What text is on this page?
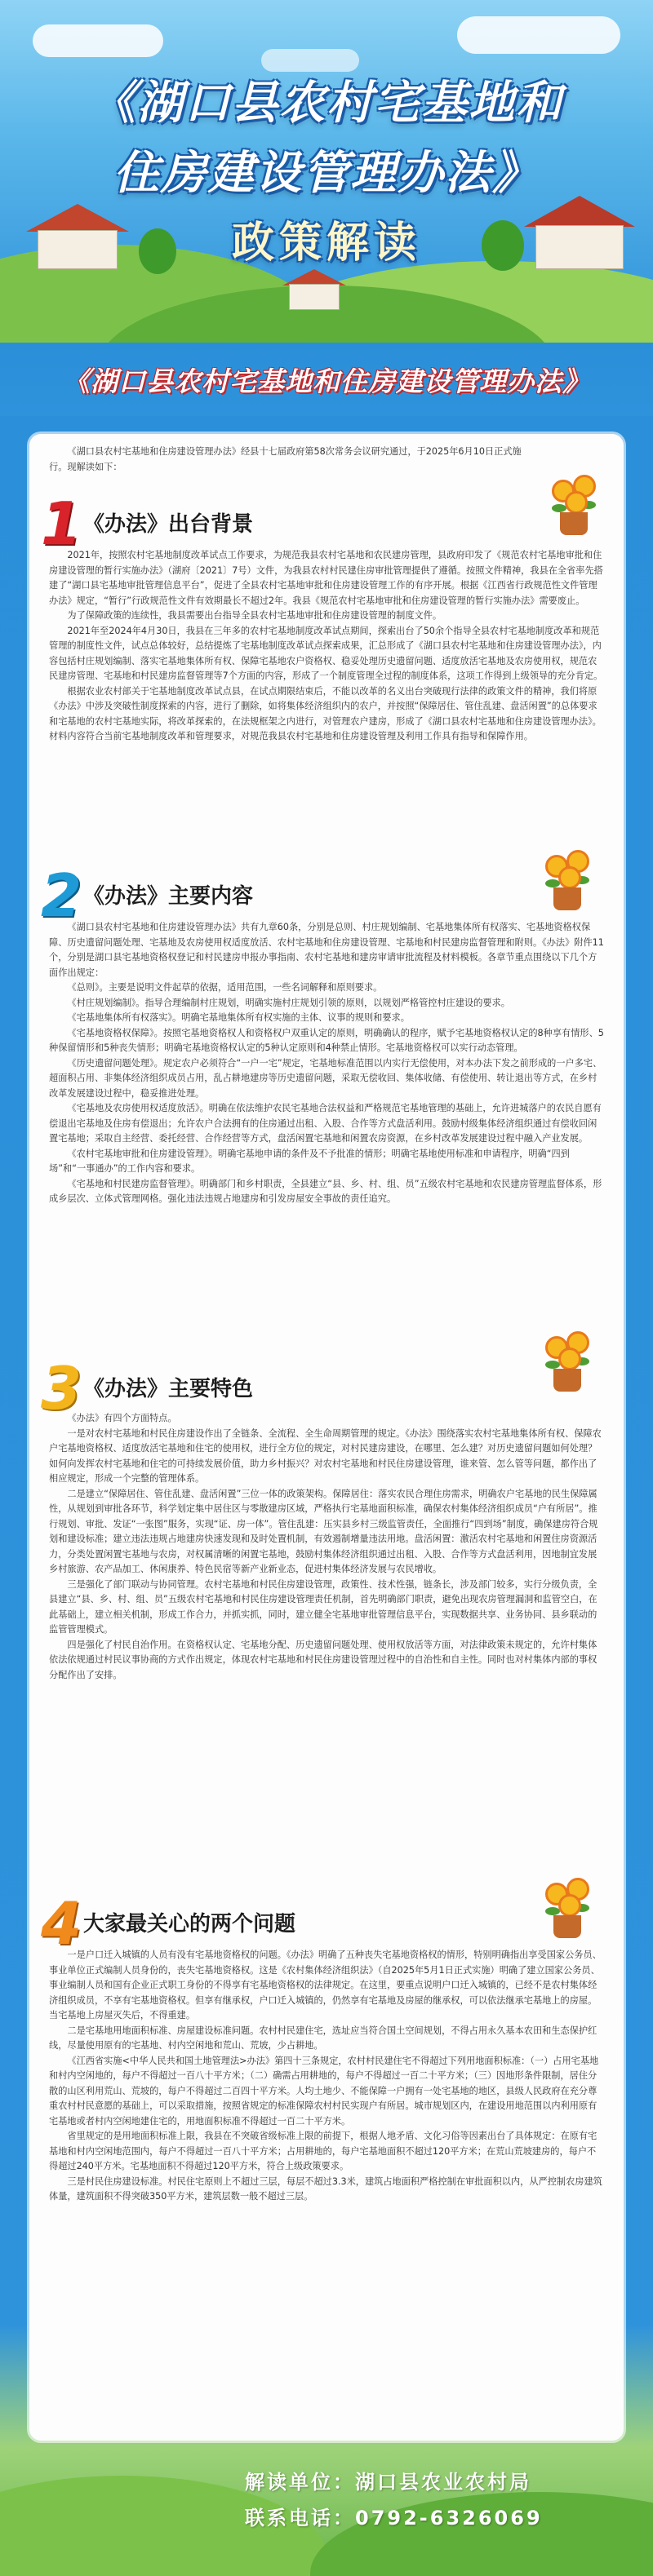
《湖口县农村宅基地和
住房建设管理办法》
政策解读
《湖口县农村宅基地和住房建设管理办法》

《湖口县农村宅基地和住房建设管理办法》经县十七届政府第58次常务会议研究通过，于2025年6月10日正式施行。现解读如下：

1 《办法》出台背景

2021年，按照农村宅基地制度改革试点工作要求，为规范我县农村宅基地和农民建房管理，县政府印发了《规范农村宅基地审批和住房建设管理的暂行实施办法》（湖府〔2021〕7号）文件，为我县农村村民建住房审批管理提供了遵循。按照文件精神，我县在全省率先搭建了“湖口县宅基地审批管理信息平台”，促进了全县农村宅基地审批和住房建设管理工作的有序开展。根据《江西省行政规范性文件管理办法》规定，“暂行”行政规范性文件有效期最长不超过2年。我县《规范农村宅基地审批和住房建设管理的暂行实施办法》需要废止。

为了保障政策的连续性，我县需要出台指导全县农村宅基地审批和住房建设管理的制度文件。

2021年至2024年4月30日，我县在三年多的农村宅基地制度改革试点期间，探索出台了50余个指导全县农村宅基地制度改革和规范管理的制度性文件，试点总体较好，总结提炼了宅基地制度改革试点探索成果，汇总形成了《湖口县农村宅基地和住房建设管理办法》，内容包括村庄规划编制、落实宅基地集体所有权、保障宅基地农户资格权、稳妥处理历史遗留问题、适度放活宅基地及农房使用权，规范农民建房管理、宅基地和村民建房监督管理等7个方面的内容，形成了一个制度管理全过程的制度体系，这项工作得到上级领导的充分肯定。

根据农业农村部关于宅基地制度改革试点县，在试点期限结束后，不能以改革的名义出台突破现行法律的政策文件的精神，我们将原《办法》中涉及突破性制度探索的内容，进行了删除，如将集体经济组织内的农户，并按照“保障居住、管住乱建、盘活闲置”的总体要求和宅基地的农村宅基地实际，将改革探索的，在法规框架之内进行，对管理农户建房，形成了《湖口县农村宅基地和住房建设管理办法》。材料内容符合当前宅基地制度改革和管理要求，对规范我县农村宅基地和住房建设管理及利用工作具有指导和保障作用。

2 《办法》主要内容

《湖口县农村宅基地和住房建设管理办法》共有九章60条，分别是总则、村庄规划编制、宅基地集体所有权落实、宅基地资格权保障、历史遗留问题处理、宅基地及农房使用权适度放活、农村宅基地和住房建设管理、宅基地和村民建房监督管理和附则。《办法》附件11个，分别是湖口县宅基地资格权登记和村民建房申报办事指南、农村宅基地和建房审请审批流程及材料模板。各章节重点围绕以下几个方面作出规定：

《总则》。主要是说明文件起草的依据，适用范围，一些名词解释和原则要求。

《村庄规划编制》。指导合理编制村庄规划，明确实施村庄规划引领的原则，以规划严格管控村庄建设的要求。

《宅基地集体所有权落实》。明确宅基地集体所有权实施的主体、议事的规则和要求。

《宅基地资格权保障》。按照宅基地资格权人和资格权户双重认定的原则，明确确认的程序，赋予宅基地资格权认定的8种享有情形、5种保留情形和5种丧失情形；明确宅基地资格权认定的5种认定原则和4种禁止情形。宅基地资格权可以实行动态管理。

《历史遗留问题处理》。规定农户必须符合“一户一宅”规定，宅基地标准范围以内实行无偿使用，对本办法下发之前形成的一户多宅、超面积占用、非集体经济组织成员占用，乱占耕地建房等历史遗留问题，采取无偿收回、集体收储、有偿使用、转让退出等方式，在乡村改革发展建设过程中，稳妥推进处理。

《宅基地及农房使用权适度放活》。明确在依法维护农民宅基地合法权益和严格规范宅基地管理的基础上，允许进城落户的农民自愿有偿退出宅基地及住房有偿退出；允许农户合法拥有的住房通过出租、入股、合作等方式盘活利用。鼓励村级集体经济组织通过有偿收回闲置宅基地；采取自主经营、委托经营、合作经营等方式，盘活闲置宅基地和闲置农房资源，在乡村改革发展建设过程中融入产业发展。

《农村宅基地审批和住房建设管理》。明确宅基地申请的条件及不予批准的情形；明确宅基地使用标准和申请程序，明确“四到场”和“一事通办”的工作内容和要求。

《宅基地和村民建房监督管理》。明确部门和乡村职责，全县建立“县、乡、村、组、员”五级农村宅基地和农民建房管理监督体系，形成乡层次、立体式管理网格。强化违法违规占地建房和引发房屋安全事故的责任追究。

3 《办法》主要特色

《办法》有四个方面特点。

一是对农村宅基地和村民住房建设作出了全链条、全流程、全生命周期管理的规定。《办法》围绕落实农村宅基地集体所有权、保障农户宅基地资格权、适度放活宅基地和住宅的使用权，进行全方位的规定，对村民建房建设，在哪里、怎么建？对历史遗留问题如何处理？如何向发挥农村宅基地和住宅的可持续发展价值，助力乡村振兴？对农村宅基地和村民住房建设管理，谁来管、怎么管等问题，都作出了相应规定，形成一个完整的管理体系。

二是建立“保障居住、管住乱建、盘活闲置”三位一体的政策架构。保障居住：落实农民合理住房需求，明确农户宅基地的民生保障属性，从规划到审批各环节，科学划定集中居住区与零散建房区域，严格执行宅基地面积标准，确保农村集体经济组织成员“户有所居”。推行规划、审批、发证“一张图”服务，实现“证、房一体”。管住乱建：压实县乡村三级监管责任，全面推行“四到场”制度，确保建房符合规划和建设标准；建立违法违规占地建房快速发现和及时处置机制，有效遏制增量违法用地。盘活闲置：激活农村宅基地和闲置住房资源活力，分类处置闲置宅基地与农房，对权属清晰的闲置宅基地，鼓励村集体经济组织通过出租、入股、合作等方式盘活利用，因地制宜发展乡村旅游、农产品加工、休闲康养、特色民宿等新产业新业态，促进村集体经济发展与农民增收。

三是强化了部门联动与协同管理。农村宅基地和村民住房建设管理，政策性、技术性强，链条长，涉及部门较多，实行分级负责，全县建立“县、乡、村、组、员”五级农村宅基地和村民住房建设管理责任机制，首先明确部门职责，避免出现农房管理漏洞和监管空白，在此基础上，建立相关机制，形成工作合力，并抓实抓，同时，建立健全宅基地审批管理信息平台，实现数据共享、业务协同、县乡联动的监管管理模式。

四是强化了村民自治作用。在资格权认定、宅基地分配、历史遗留问题处理、使用权放活等方面，对法律政策未规定的，允许村集体依法依规通过村民议事协商的方式作出规定，体现农村宅基地和村民住房建设管理过程中的自治性和自主性。同时也对村集体内部的事权分配作出了安排。

4 大家最关心的两个问题

一是户口迁入城镇的人员有没有宅基地资格权的问题。《办法》明确了五种丧失宅基地资格权的情形，特别明确指出享受国家公务员、事业单位正式编制人员身份的，丧失宅基地资格权。这是《农村集体经济组织法》（自2025年5月1日正式实施）明确了建立国家公务员、事业编制人员和国有企业正式职工身份的不得享有宅基地资格权的法律规定。在这里，要重点说明户口迁入城镇的，已经不是农村集体经济组织成员，不享有宅基地资格权。但享有继承权，户口迁入城镇的，仍然享有宅基地及房屋的继承权，可以依法继承宅基地上的房屋。当宅基地上房屋灭失后，不得重建。

二是宅基地用地面积标准、房屋建设标准问题。农村村民建住宅，选址应当符合国土空间规划，不得占用永久基本农田和生态保护红线，尽量使用原有的宅基地、村内空闲地和荒山、荒坡，少占耕地。

《江西省实施<中华人民共和国土地管理法>办法》第四十三条规定，农村村民建住宅不得超过下列用地面积标准：（一）占用宅基地和村内空闲地的，每户不得超过一百八十平方米；（二）确需占用耕地的，每户不得超过一百二十平方米；（三）因地形条件限制，居住分散的山区利用荒山、荒坡的，每户不得超过二百四十平方米。人均土地少、不能保障一户拥有一处宅基地的地区，县级人民政府在充分尊重农村村民意愿的基础上，可以采取措施，按照省规定的标准保障农村村民实现户有所居。城市规划区内，在建设用地范围以内利用原有宅基地或者村内空闲地建住宅的，用地面积标准不得超过一百二十平方米。

省里规定的是用地面积标准上限，我县在不突破省级标准上限的前提下，根据人地矛盾、文化习俗等因素出台了具体规定：在原有宅基地和村内空闲地范围内，每户不得超过一百八十平方米；占用耕地的，每户宅基地面积不超过120平方米；在荒山荒坡建房的，每户不得超过240平方米。宅基地面积不得超过120平方米，符合上级政策要求。

三是村民住房建设标准。村民住宅原则上不超过三层，每层不超过3.3米，建筑占地面积严格控制在审批面积以内，从严控制农房建筑体量，建筑面积不得突破350平方米，建筑层数一般不超过三层。

解读单位：湖口县农业农村局
联系电话：0792-6326069
